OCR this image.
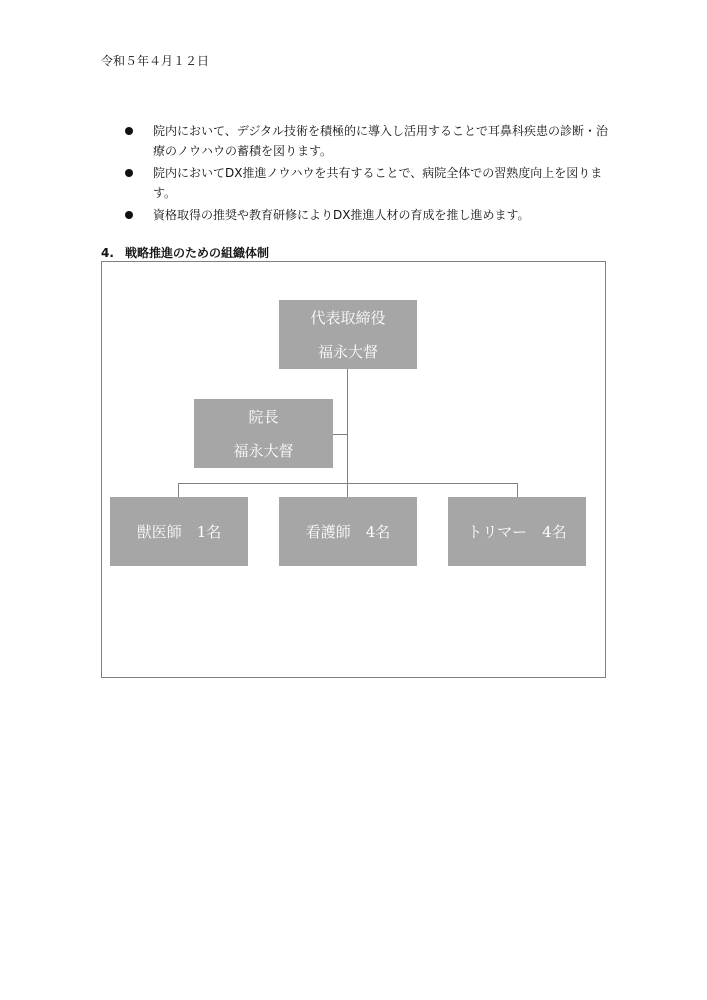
令和５年４月１２日
院内において、デジタル技術を積極的に導入し活用することで耳鼻科疾患の診断・治療のノウハウの蓄積を図ります。
院内においてDX推進ノウハウを共有することで、病院全体での習熟度向上を図ります。
資格取得の推奨や教育研修によりDX推進人材の育成を推し進めます。
4. 戦略推進のための組織体制
代表取締役
福永大督
院長
福永大督
獣医師　1名	看護師　4名	トリマー　4名
